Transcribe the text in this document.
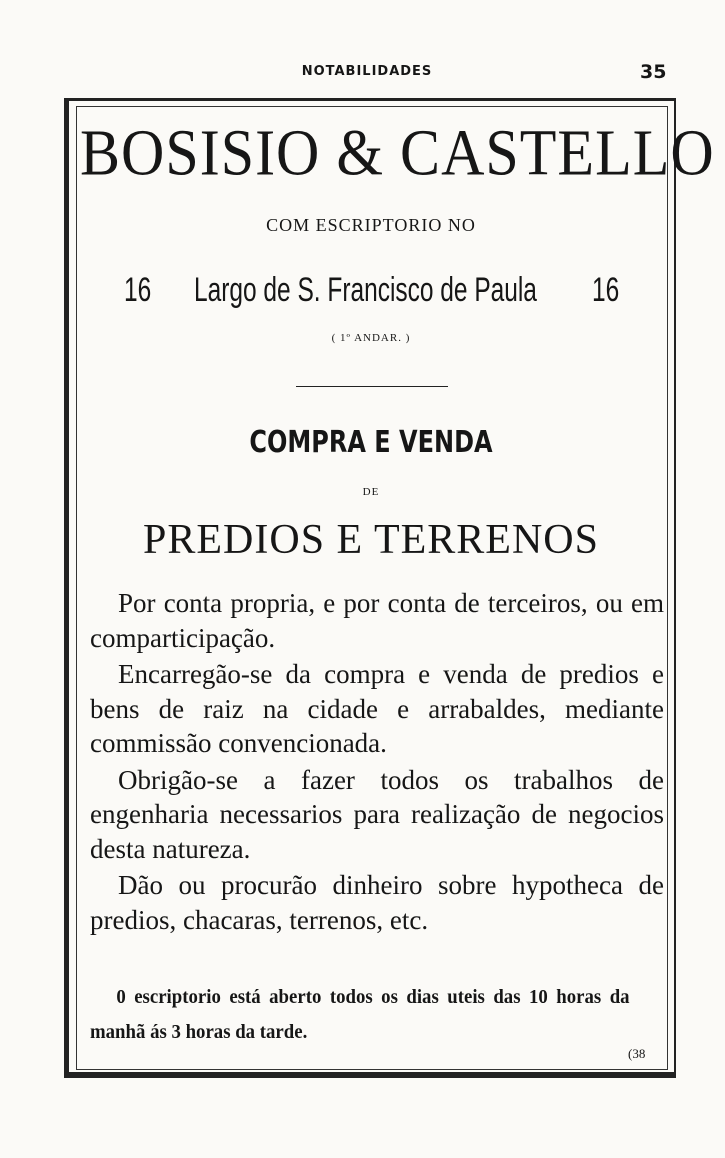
NOTABILIDADES	35
BOSISIO & CASTELLO
COM ESCRIPTORIO NO
16 Largo de S. Francisco de Paula 16
( 1º ANDAR. )
COMPRA E VENDA
DE
PREDIOS E TERRENOS

Por conta propria, e por conta de terceiros, ou em comparticipação.

Encarregão-se da compra e venda de predios e bens de raiz na cidade e arrabaldes, mediante commissão convencionada.

Obrigão-se a fazer todos os trabalhos de engenharia necessarios para realização de negocios desta natureza.

Dão ou procurão dinheiro sobre hypotheca de predios, chacaras, terrenos, etc.

0 escriptorio está aberto todos os dias uteis das 10 horas da manhã ás 3 horas da tarde.
(38
